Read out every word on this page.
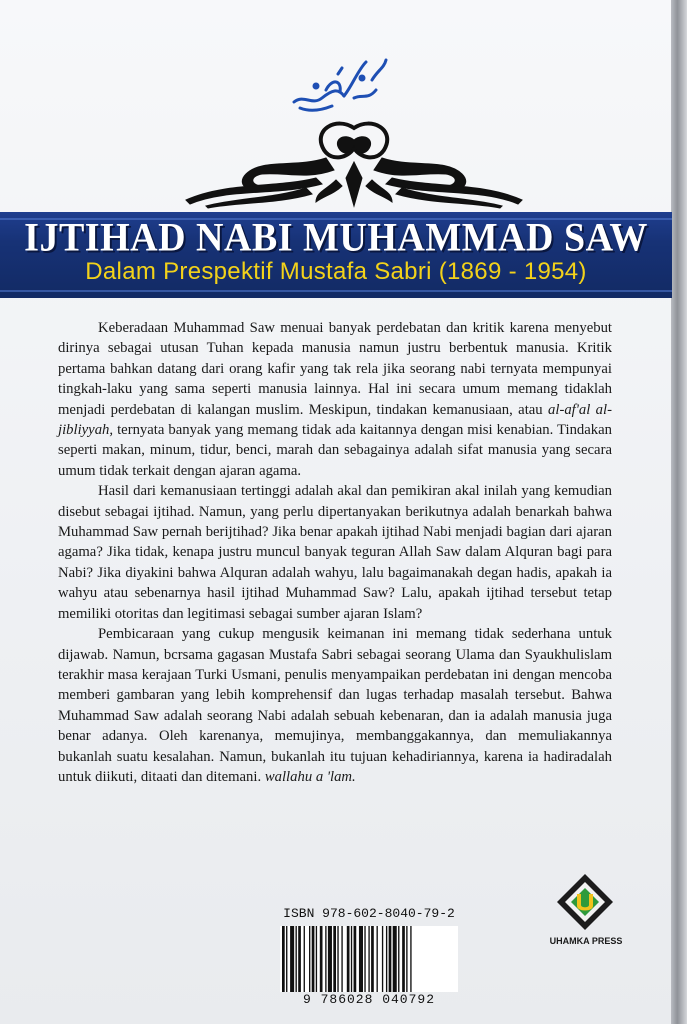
IJTIHAD NABI MUHAMMAD SAW
Dalam Prespektif Mustafa Sabri (1869 - 1954)

Keberadaan Muhammad Saw menuai banyak perdebatan dan kritik karena menyebut dirinya sebagai utusan Tuhan kepada manusia namun justru berbentuk manusia. Kritik pertama bahkan datang dari orang kafir yang tak rela jika seorang nabi ternyata mempunyai tingkah-laku yang sama seperti manusia lainnya. Hal ini secara umum memang tidaklah menjadi perdebatan di kalangan muslim. Meskipun, tindakan kemanusiaan, atau al-af'al al-jibliyyah, ternyata banyak yang memang tidak ada kaitannya dengan misi kenabian. Tindakan seperti makan, minum, tidur, benci, marah dan sebagainya adalah sifat manusia yang secara umum tidak terkait dengan ajaran agama.

Hasil dari kemanusiaan tertinggi adalah akal dan pemikiran akal inilah yang kemudian disebut sebagai ijtihad. Namun, yang perlu dipertanyakan berikutnya adalah benarkah bahwa Muhammad Saw pernah berijtihad? Jika benar apakah ijtihad Nabi menjadi bagian dari ajaran agama? Jika tidak, kenapa justru muncul banyak teguran Allah Saw dalam Alquran bagi para Nabi? Jika diyakini bahwa Alquran adalah wahyu, lalu bagaimanakah degan hadis, apakah ia wahyu atau sebenarnya hasil ijtihad Muhammad Saw? Lalu, apakah ijtihad tersebut tetap memiliki otoritas dan legitimasi sebagai sumber ajaran Islam?

Pembicaraan yang cukup mengusik keimanan ini memang tidak sederhana untuk dijawab. Namun, bcrsama gagasan Mustafa Sabri sebagai seorang Ulama dan Syaukhulislam terakhir masa kerajaan Turki Usmani, penulis menyampaikan perdebatan ini dengan mencoba memberi gambaran yang lebih komprehensif dan lugas terhadap masalah tersebut. Bahwa Muhammad Saw adalah seorang Nabi adalah sebuah kebenaran, dan ia adalah manusia juga benar adanya. Oleh karenanya, memujinya, membanggakannya, dan memuliakannya bukanlah suatu kesalahan. Namun, bukanlah itu tujuan kehadiriannya, karena ia hadiradalah untuk diikuti, ditaati dan ditemani. wallahu a 'lam.

ISBN 978-602-8040-79-2
9 786028 040792
UHAMKA PRESS
